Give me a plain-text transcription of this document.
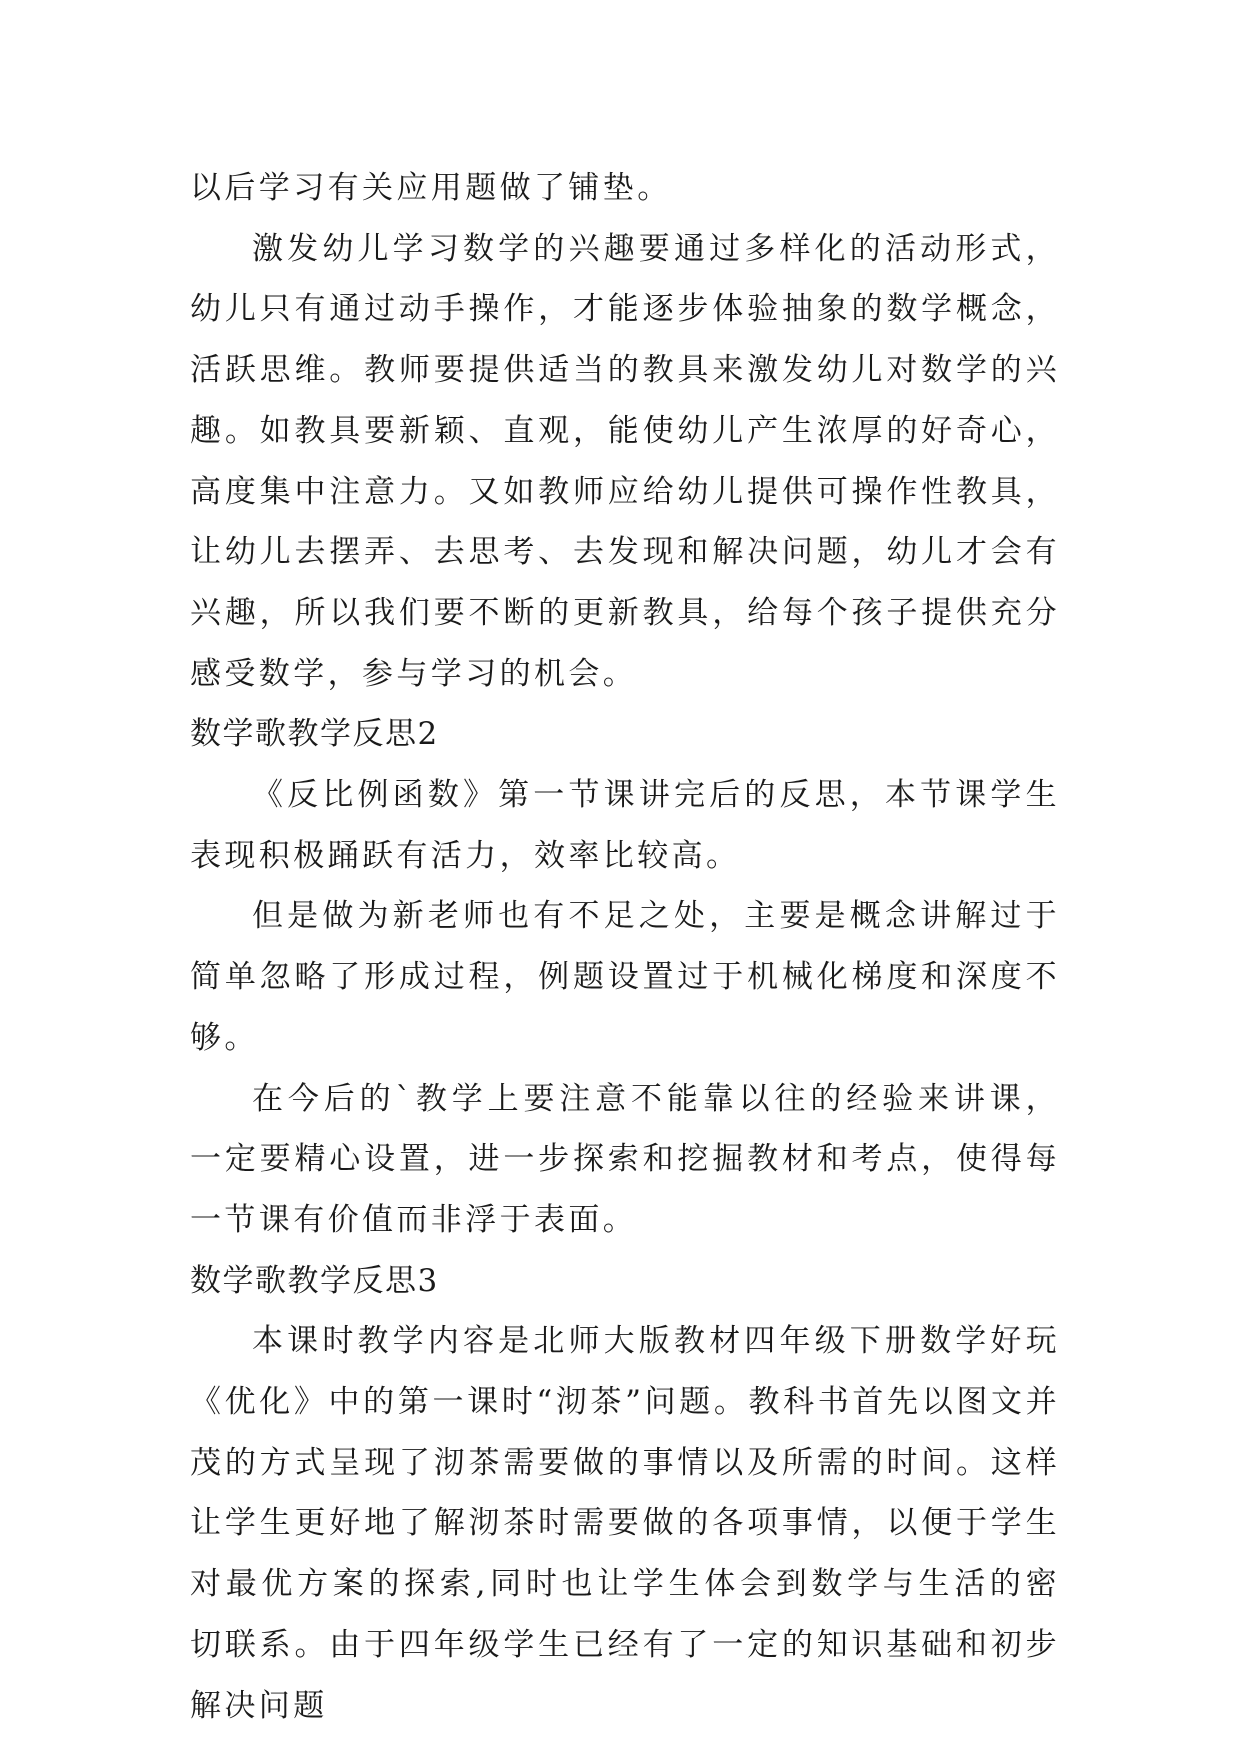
以后学习有关应用题做了铺垫。

激发幼儿学习数学的兴趣要通过多样化的活动形式，幼儿只有通过动手操作，才能逐步体验抽象的数学概念，活跃思维。教师要提供适当的教具来激发幼儿对数学的兴趣。如教具要新颖、直观，能使幼儿产生浓厚的好奇心，高度集中注意力。又如教师应给幼儿提供可操作性教具，让幼儿去摆弄、去思考、去发现和解决问题，幼儿才会有兴趣，所以我们要不断的更新教具，给每个孩子提供充分感受数学，参与学习的机会。

数学歌教学反思2

《反比例函数》第一节课讲完后的反思，本节课学生表现积极踊跃有活力，效率比较高。

但是做为新老师也有不足之处，主要是概念讲解过于简单忽略了形成过程，例题设置过于机械化梯度和深度不够。

在今后的`教学上要注意不能靠以往的经验来讲课，一定要精心设置，进一步探索和挖掘教材和考点，使得每一节课有价值而非浮于表面。

数学歌教学反思3

本课时教学内容是北师大版教材四年级下册数学好玩《优化》中的第一课时“沏茶”问题。教科书首先以图文并茂的方式呈现了沏茶需要做的事情以及所需的时间。这样让学生更好地了解沏茶时需要做的各项事情，以便于学生对最优方案的探索,同时也让学生体会到数学与生活的密切联系。由于四年级学生已经有了一定的知识基础和初步解决问题
